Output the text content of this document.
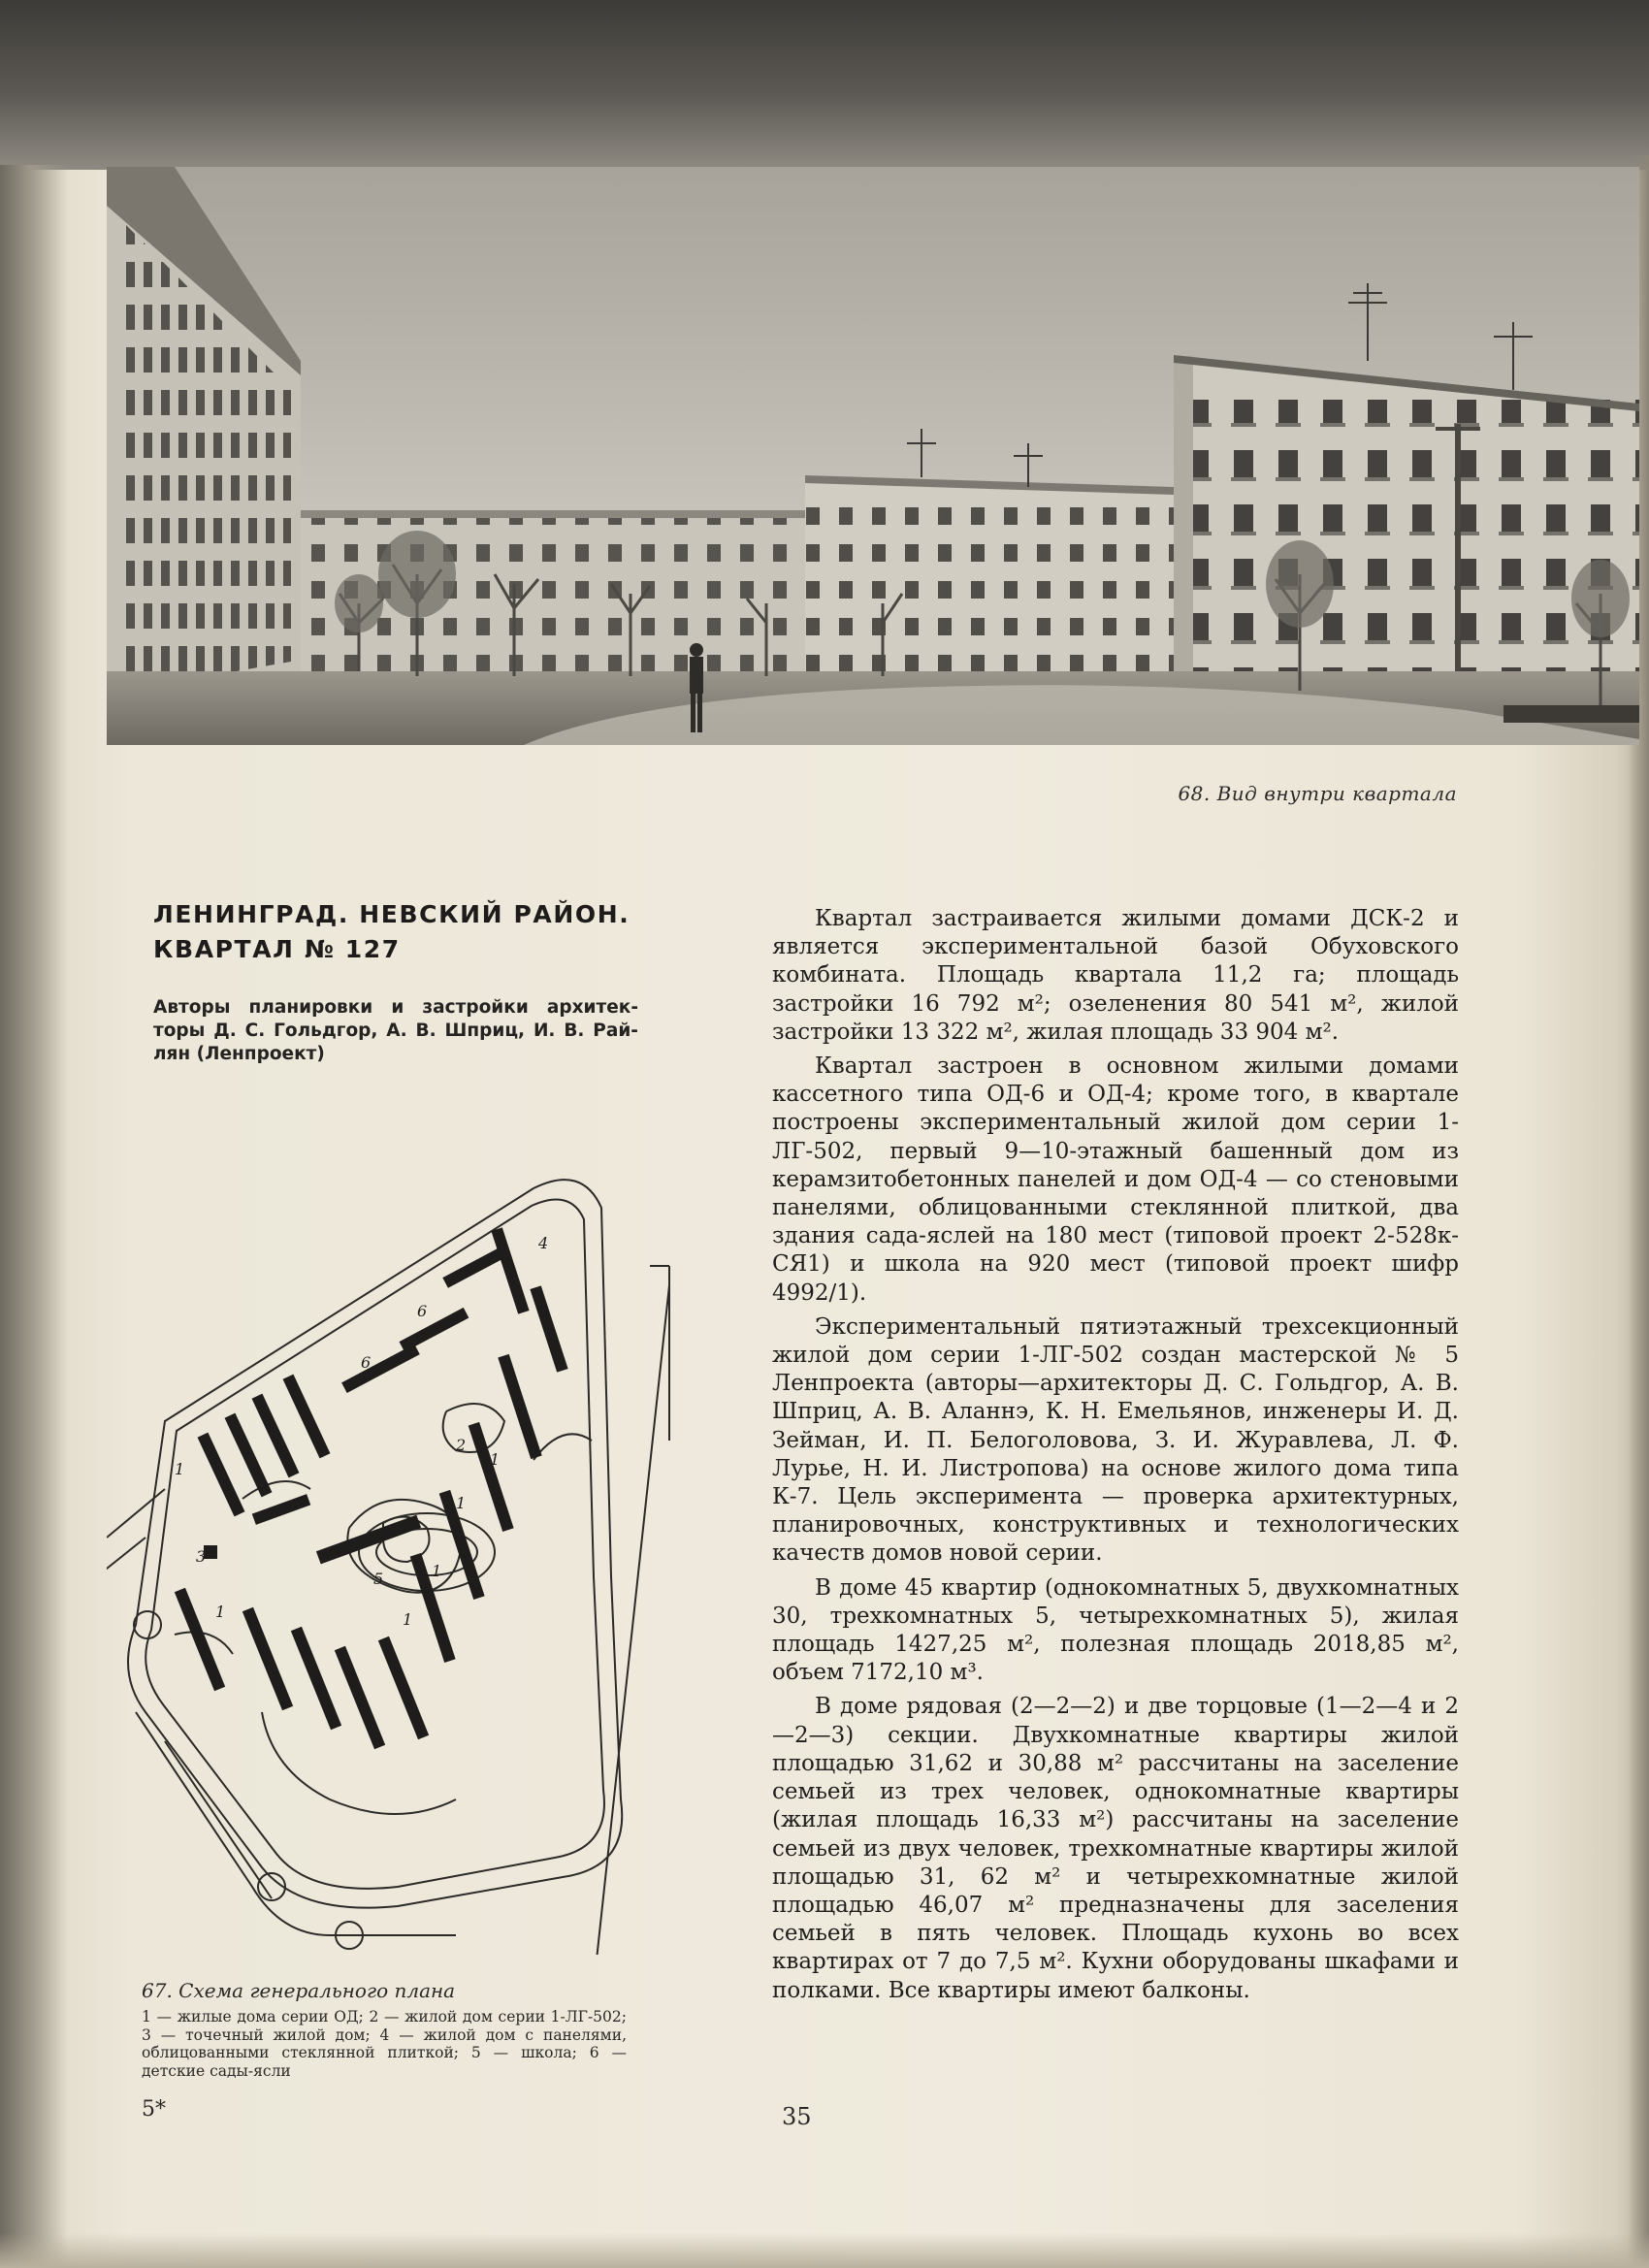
68. Вид внутри квартала
ЛЕНИНГРАД. НЕВСКИЙ РАЙОН.
КВАРТАЛ № 127
Авторы планировки и застройки архитек-торы Д. С. Гольдгор, А. В. Шприц, И. В. Рай-лян (Ленпроект)
1
1
1
1
1
1
2
3
4
5
6
6
67. Схема генерального плана
1 — жилые дома серии ОД; 2 — жилой дом серии 1-ЛГ-502; 3 — точечный жилой дом; 4 — жилой дом с панелями, облицованными стеклянной плиткой; 5 — школа; 6 — детские сады-ясли

Квартал застраивается жилыми домами ДСК-2 и является экспериментальной базой Обуховского комбината. Площадь квартала 11,2 га; площадь застройки 16 792 м²; озеленения 80 541 м², жилой застройки 13 322 м², жилая площадь 33 904 м².

Квартал застроен в основном жилыми домами кассетного типа ОД-6 и ОД-4; кроме того, в квартале построены экспериментальный жилой дом серии 1-ЛГ-502, первый 9—10-этажный башенный дом из керамзитобетонных панелей и дом ОД-4 — со стеновыми панелями, облицованными стеклянной плиткой, два здания сада-яслей на 180 мест (типовой проект 2-528к-СЯ1) и школа на 920 мест (типовой проект шифр 4992/1).

Экспериментальный пятиэтажный трехсекционный жилой дом серии 1-ЛГ-502 создан мастерской № 5 Ленпроекта (авторы—архитекторы Д. С. Гольдгор, А. В. Шприц, А. В. Аланнэ, К. Н. Емельянов, инженеры И. Д. Зейман, И. П. Белоголовова, З. И. Журавлева, Л. Ф. Лурье, Н. И. Листропова) на основе жилого дома типа К-7. Цель эксперимента — проверка архитектурных, планировочных, конструктивных и технологических качеств домов новой серии.

В доме 45 квартир (однокомнатных 5, двухкомнатных 30, трехкомнатных 5, четырехкомнатных 5), жилая площадь 1427,25 м², полезная площадь 2018,85 м², объем 7172,10 м³.

В доме рядовая (2—2—2) и две торцовые (1—2—4 и 2—2—3) секции. Двухкомнатные квартиры жилой площадью 31,62 и 30,88 м² рассчитаны на заселение семьей из трех человек, однокомнатные квартиры (жилая площадь 16,33 м²) рассчитаны на заселение семьей из двух человек, трехкомнатные квартиры жилой площадью 31, 62 м² и четырехкомнатные жилой площадью 46,07 м² предназначены для заселения семьей в пять человек. Площадь кухонь во всех квартирах от 7 до 7,5 м². Кухни оборудованы шкафами и полками. Все квартиры имеют балконы.

5*	35
